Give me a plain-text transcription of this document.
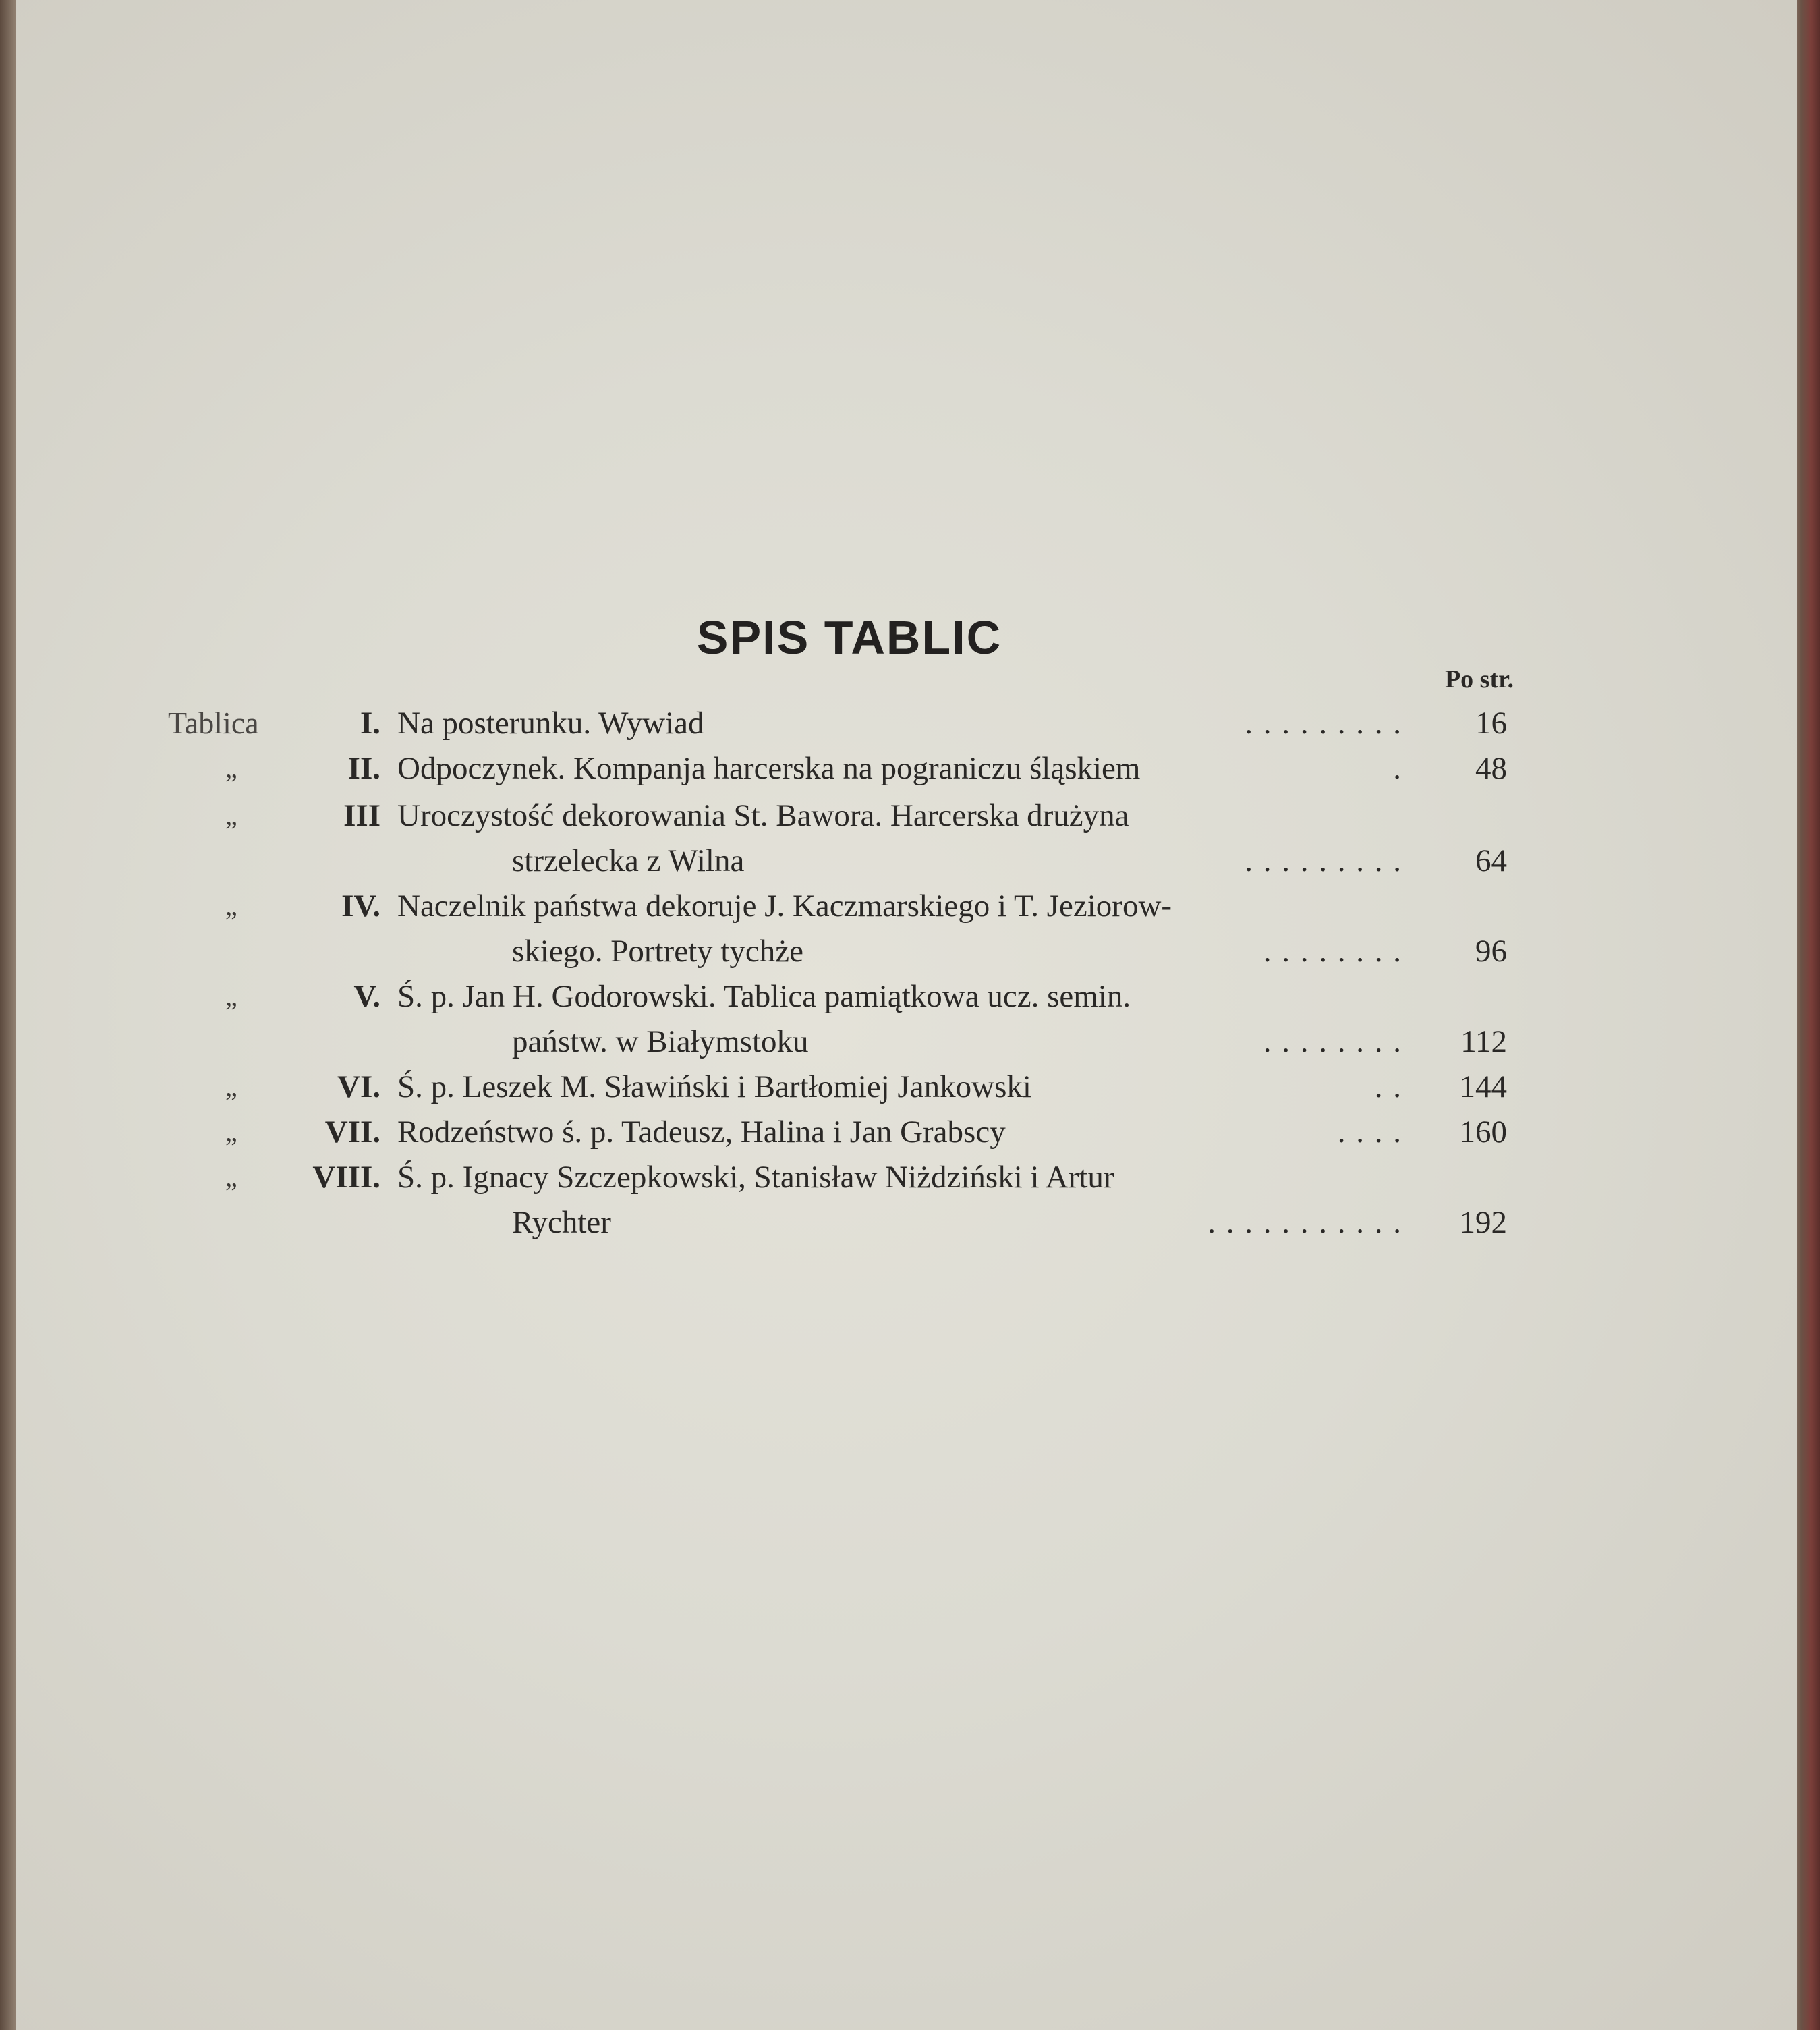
SPIS TABLIC
Po str.
Tablica	I. Na posterunku. Wywiad	. . . . . . . . .	16
„	II. Odpoczynek. Kompanja harcerska na pograniczu śląskiem	.	48
„	III Uroczystość dekorowania St. Bawora. Harcerska drużyna
strzelecka z Wilna	. . . . . . . . .	64
„	IV. Naczelnik państwa dekoruje J. Kaczmarskiego i T. Jeziorow-
skiego. Portrety tychże	. . . . . . . .	96
„	V. Ś. p. Jan H. Godorowski. Tablica pamiątkowa ucz. semin.
państw. w Białymstoku	. . . . . . . .	112
„	VI. Ś. p. Leszek M. Sławiński i Bartłomiej Jankowski	. .	144
„	VII. Rodzeństwo ś. p. Tadeusz, Halina i Jan Grabscy	. . . .	160
„	VIII. Ś. p. Ignacy Szczepkowski, Stanisław Niżdziński i Artur
Rychter	. . . . . . . . . . .	192
